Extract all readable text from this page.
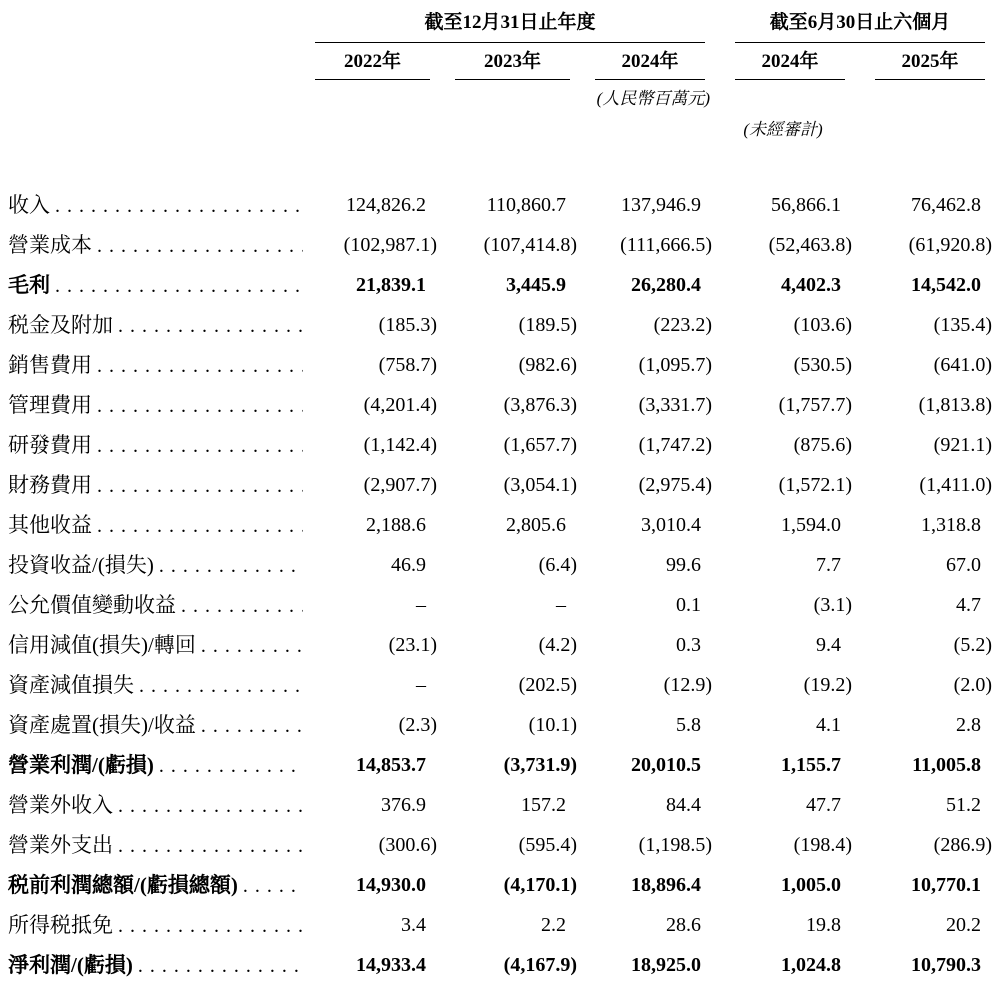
截至12月31日止年度	截至6月30日止六個月
2022年	2023年	2024年	2024年	2025年
(人民幣百萬元)
(未經審計)
收入 . . .	124,826.2	110,860.7	137,946.9	56,866.1	76,462.8
營業成本 . . .	(102,987.1)	(107,414.8)	(111,666.5)	(52,463.8)	(61,920.8)
毛利 . . .	21,839.1	3,445.9	26,280.4	4,402.3	14,542.0
税金及附加 . . .	(185.3)	(189.5)	(223.2)	(103.6)	(135.4)
銷售費用 . . .	(758.7)	(982.6)	(1,095.7)	(530.5)	(641.0)
管理費用 . . .	(4,201.4)	(3,876.3)	(3,331.7)	(1,757.7)	(1,813.8)
研發費用 . . .	(1,142.4)	(1,657.7)	(1,747.2)	(875.6)	(921.1)
財務費用 . . .	(2,907.7)	(3,054.1)	(2,975.4)	(1,572.1)	(1,411.0)
其他收益 . . .	2,188.6	2,805.6	3,010.4	1,594.0	1,318.8
投資收益/(損失) . . .	46.9	(6.4)	99.6	7.7	67.0
公允價值變動收益 . . .	–	–	0.1	(3.1)	4.7
信用減值(損失)/轉回 . . .	(23.1)	(4.2)	0.3	9.4	(5.2)
資產減值損失 . . .	–	(202.5)	(12.9)	(19.2)	(2.0)
資產處置(損失)/收益 . . .	(2.3)	(10.1)	5.8	4.1	2.8
營業利潤/(虧損) . . .	14,853.7	(3,731.9)	20,010.5	1,155.7	11,005.8
營業外收入 . . .	376.9	157.2	84.4	47.7	51.2
營業外支出 . . .	(300.6)	(595.4)	(1,198.5)	(198.4)	(286.9)
税前利潤總額/(虧損總額) . . .	14,930.0	(4,170.1)	18,896.4	1,005.0	10,770.1
所得税抵免 . . .	3.4	2.2	28.6	19.8	20.2
淨利潤/(虧損) . . .	14,933.4	(4,167.9)	18,925.0	1,024.8	10,790.3
